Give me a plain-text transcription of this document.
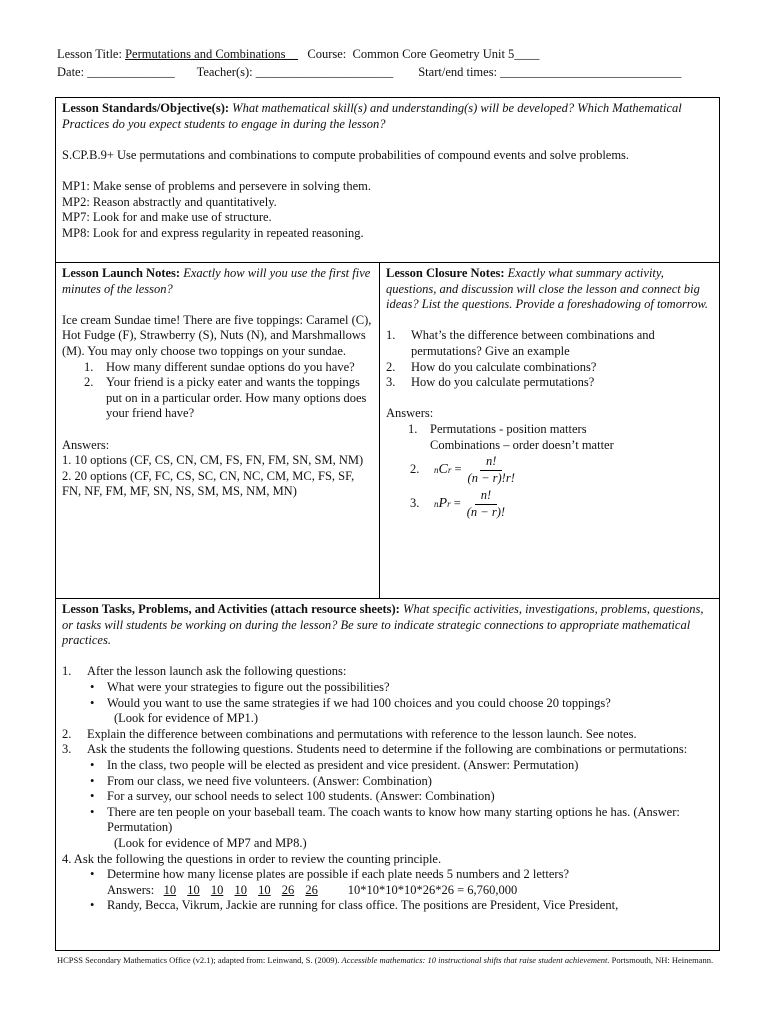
Lesson Title: Permutations and Combinations__ Course: Common Core Geometry Unit 5____
Date: ______________       Teacher(s): ______________________        Start/end times: _____________________________

Lesson Standards/Objective(s): What mathematical skill(s) and understanding(s) will be developed? Which Mathematical Practices do you expect students to engage in during the lesson?

S.CP.B.9+ Use permutations and combinations to compute probabilities of compound events and solve problems.

MP1: Make sense of problems and persevere in solving them.

MP2: Reason abstractly and quantitatively.

MP7: Look for and make use of structure.

MP8: Look for and express regularity in repeated reasoning.

Lesson Launch Notes: Exactly how will you use the first five minutes of the lesson?

Ice cream Sundae time! There are five toppings: Caramel (C), Hot Fudge (F), Strawberry (S), Nuts (N), and Marshmallows (M). You may only choose two toppings on your sundae.

1.	How many different sundae options do you have?
2.	Your friend is a picky eater and wants the toppings put on in a particular order. How many options does your friend have?

Answers:

1. 10 options (CF, CS, CN, CM, FS, FN, FM, SN, SM, NM)

2. 20 options (CF, FC, CS, SC, CN, NC, CM, MC, FS, SF, FN, NF, FM, MF, SN, NS, SM, MS, NM, MN)

Lesson Closure Notes: Exactly what summary activity, questions, and discussion will close the lesson and connect big ideas? List the questions. Provide a foreshadowing of tomorrow.

1.	What’s the difference between combinations and permutations? Give an example
2.	How do you calculate combinations?
3.	How do you calculate permutations?

Answers:

1.	Permutations - position matters
Combinations – order doesn’t matter
2.	nCr = $\frac{n!}{(n - r)!r!}$
3.	nPr = $\frac{n!}{(n - r)!}$

Lesson Tasks, Problems, and Activities (attach resource sheets): What specific activities, investigations, problems, questions, or tasks will students be working on during the lesson? Be sure to indicate strategic connections to appropriate mathematical practices.

1.	After the lesson launch ask the following questions:
•	What were your strategies to figure out the possibilities?
•	Would you want to use the same strategies if we had 100 choices and you could choose 20 toppings?
(Look for evidence of MP1.)
2.	Explain the difference between combinations and permutations with reference to the lesson launch. See notes.
3.	Ask the students the following questions. Students need to determine if the following are combinations or permutations:
•	In the class, two people will be elected as president and vice president. (Answer: Permutation)
•	From our class, we need five volunteers. (Answer: Combination)
•	For a survey, our school needs to select 100 students. (Answer: Combination)
•	There are ten people on your baseball team. The coach wants to know how many starting options he has. (Answer: Permutation)
(Look for evidence of MP7 and MP8.)

4. Ask the following the questions in order to review the counting principle.

•	Determine how many license plates are possible if each plate needs 5 numbers and 2 letters?
Answers: 10 10 10 10 10 26 26 10*10*10*10*26*26 = 6,760,000
•	Randy, Becca, Vikrum, Jackie are running for class office. The positions are President, Vice President,
HCPSS Secondary Mathematics Office (v2.1); adapted from: Leinwand, S. (2009). Accessible mathematics: 10 instructional shifts that raise student achievement. Portsmouth, NH: Heinemann.
